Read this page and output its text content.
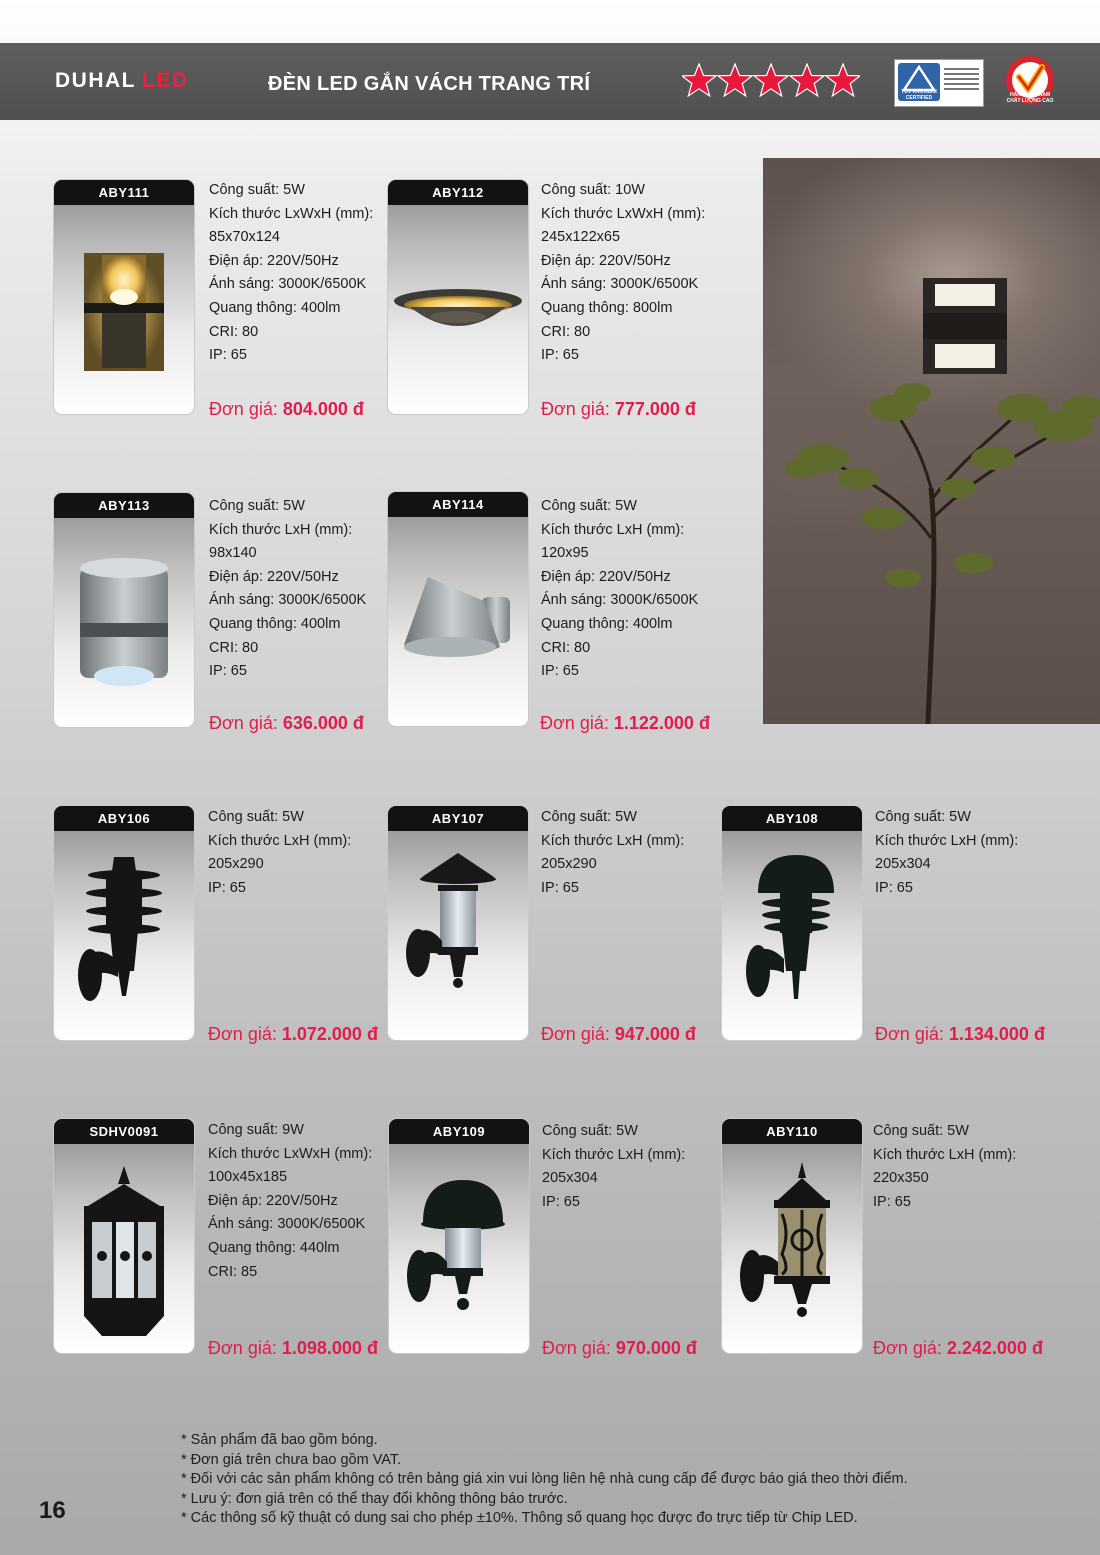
DUHAL LED	ĐÈN LED GẮN VÁCH TRANG TRÍ	TÜV Rheinland CERTIFIED	HÀNG VIỆT NAM CHẤT LƯỢNG CAO
ABY111	Công suất: 5W
Kích thước LxWxH (mm):
85x70x124
Điện áp: 220V/50Hz
Ánh sáng: 3000K/6500K
Quang thông: 400lm
CRI: 80
IP: 65
Đơn giá: 804.000 đ
ABY112	Công suất: 10W
Kích thước LxWxH (mm):
245x122x65
Điện áp: 220V/50Hz
Ánh sáng: 3000K/6500K
Quang thông: 800lm
CRI: 80
IP: 65
Đơn giá: 777.000 đ
ABY113	Công suất: 5W
Kích thước LxH (mm):
98x140
Điện áp: 220V/50Hz
Ánh sáng: 3000K/6500K
Quang thông: 400lm
CRI: 80
IP: 65
Đơn giá: 636.000 đ
ABY114	Công suất: 5W
Kích thước LxH (mm):
120x95
Điện áp: 220V/50Hz
Ánh sáng: 3000K/6500K
Quang thông: 400lm
CRI: 80
IP: 65
Đơn giá: 1.122.000 đ
ABY106	Công suất: 5W
Kích thước LxH (mm):
205x290
IP: 65
Đơn giá: 1.072.000 đ
ABY107	Công suất: 5W
Kích thước LxH (mm):
205x290
IP: 65
Đơn giá: 947.000 đ
ABY108	Công suất: 5W
Kích thước LxH (mm):
205x304
IP: 65
Đơn giá: 1.134.000 đ
SDHV0091	Công suất: 9W
Kích thước LxWxH (mm):
100x45x185
Điện áp: 220V/50Hz
Ánh sáng: 3000K/6500K
Quang thông: 440lm
CRI: 85
Đơn giá: 1.098.000 đ
ABY109	Công suất: 5W
Kích thước LxH (mm):
205x304
IP: 65
Đơn giá: 970.000 đ
ABY110	Công suất: 5W
Kích thước LxH (mm):
220x350
IP: 65
Đơn giá: 2.242.000 đ
* Sản phẩm đã bao gồm bóng.
* Đơn giá trên chưa bao gồm VAT.
* Đối với các sản phẩm không có trên bảng giá xin vui lòng liên hệ nhà cung cấp để được báo giá theo thời điểm.
* Lưu ý: đơn giá trên có thể thay đổi không thông báo trước.
* Các thông số kỹ thuật có dung sai cho phép ±10%. Thông số quang học được đo trực tiếp từ Chip LED.
16
